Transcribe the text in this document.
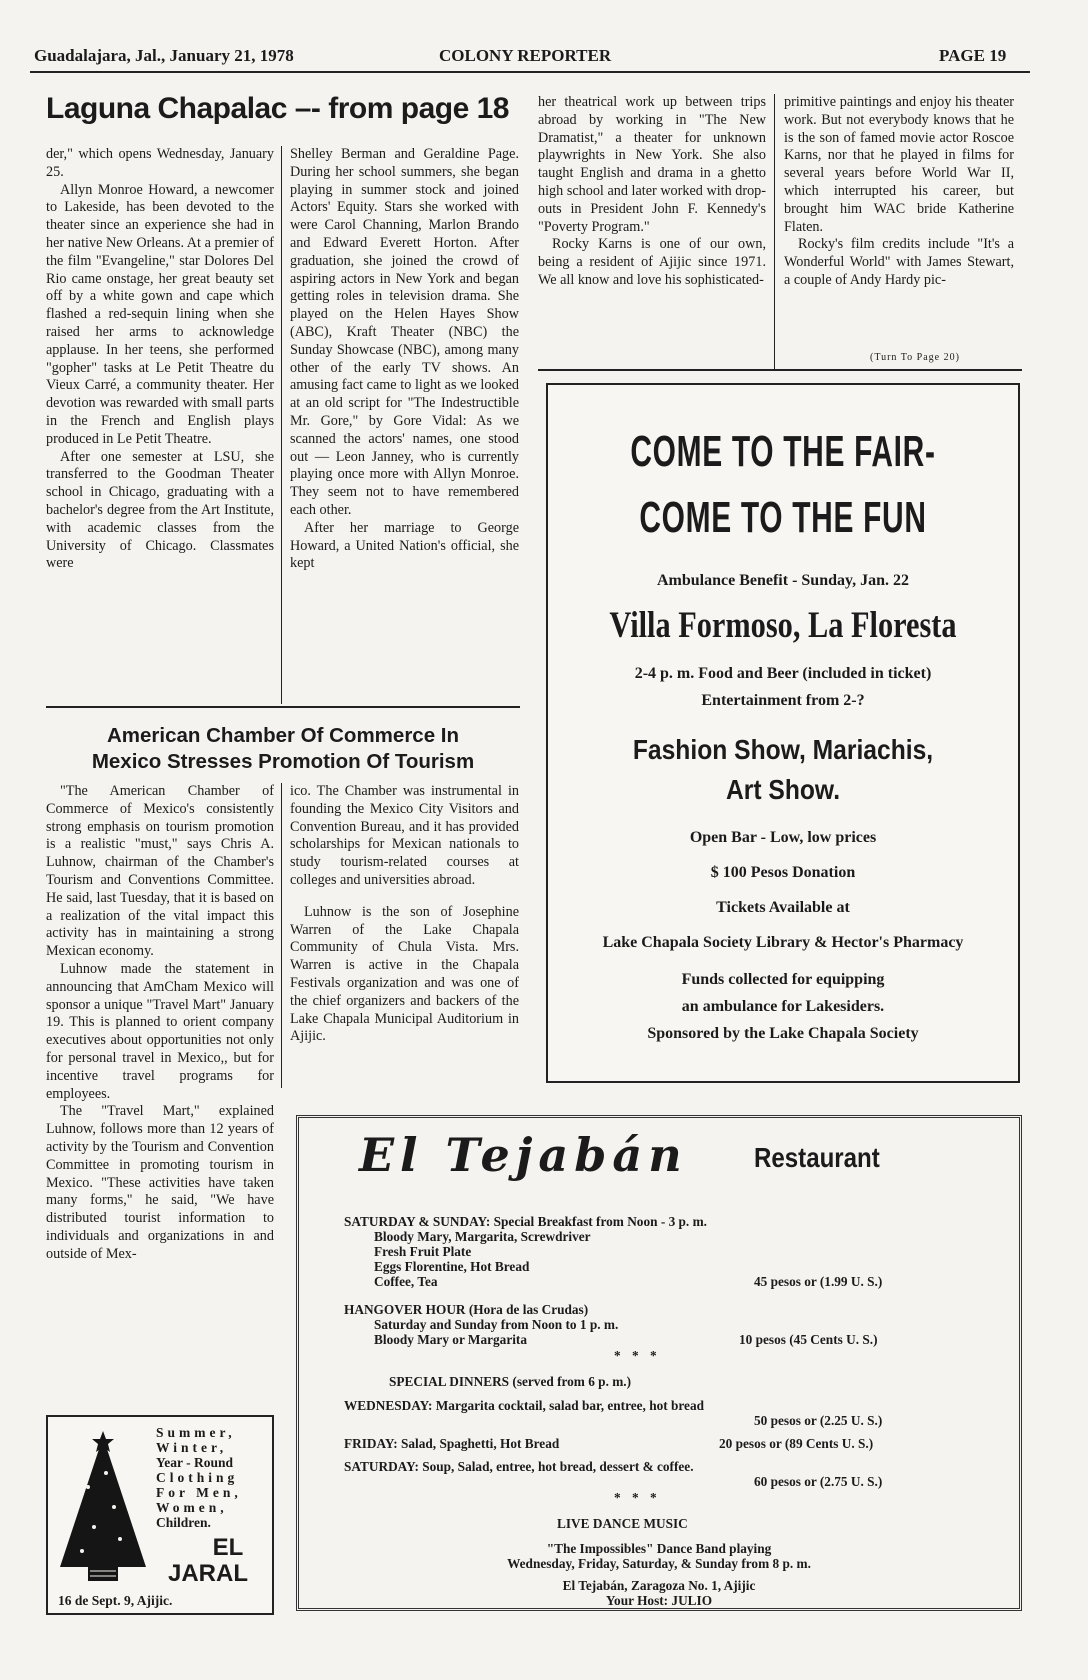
Guadalajara, Jal., January 21, 1978	COLONY REPORTER	PAGE 19
Laguna Chapalac –- from page 18

der," which opens Wednesday, January 25.

Allyn Monroe Howard, a newcomer to Lakeside, has been devoted to the theater since an experience she had in her native New Orleans. At a premier of the film "Evangeline," star Dolores Del Rio came onstage, her great beauty set off by a white gown and cape which flashed a red-sequin lining when she raised her arms to acknowledge applause. In her teens, she performed "gopher" tasks at Le Petit Theatre du Vieux Carré, a community theater. Her devotion was rewarded with small parts in the French and English plays produced in Le Petit Theatre.

After one semester at LSU, she transferred to the Goodman Theater school in Chicago, graduating with a bachelor's degree from the Art Institute, with academic classes from the University of Chicago. Classmates were

Shelley Berman and Geraldine Page. During her school summers, she began playing in summer stock and joined Actors' Equity. Stars she worked with were Carol Channing, Marlon Brando and Edward Everett Horton. After graduation, she joined the crowd of aspiring actors in New York and began getting roles in television drama. She played on the Helen Hayes Show (ABC), Kraft Theater (NBC) the Sunday Showcase (NBC), among many other of the early TV shows. An amusing fact came to light as we looked at an old script for "The Indestructible Mr. Gore," by Gore Vidal: As we scanned the actors' names, one stood out — Leon Janney, who is currently playing once more with Allyn Monroe. They seem not to have remembered each other.

After her marriage to George Howard, a United Nation's official, she kept

her theatrical work up between trips abroad by working in "The New Dramatist," a theater for unknown playwrights in New York. She also taught English and drama in a ghetto high school and later worked with drop-outs in President John F. Kennedy's "Poverty Program."

Rocky Karns is one of our own, being a resident of Ajijic since 1971. We all know and love his sophisticated-

primitive paintings and enjoy his theater work. But not everybody knows that he is the son of famed movie actor Roscoe Karns, nor that he played in films for several years before World War II, which interrupted his career, but brought him WAC bride Katherine Flaten.

Rocky's film credits include "It's a Wonderful World" with James Stewart, a couple of Andy Hardy pic-

(Turn To Page 20)
American Chamber Of Commerce In
Mexico Stresses Promotion Of Tourism

"The American Chamber of Commerce of Mexico's consistently strong emphasis on tourism promotion is a realistic "must," says Chris A. Luhnow, chairman of the Chamber's Tourism and Conventions Committee. He said, last Tuesday, that it is based on a realization of the vital impact this activity has in maintaining a strong Mexican economy.

Luhnow made the statement in announcing that AmCham Mexico will sponsor a unique "Travel Mart" January 19. This is planned to orient company executives about opportunities not only for personal travel in Mexico,, but for incentive travel programs for employees.

The "Travel Mart," explained Luhnow, follows more than 12 years of activity by the Tourism and Convention Committee in promoting tourism in Mexico. "These activities have taken many forms," he said, "We have distributed tourist information to individuals and organizations in and outside of Mex-

ico. The Chamber was instrumental in founding the Mexico City Visitors and Convention Bureau, and it has provided scholarships for Mexican nationals to study tourism-related courses at colleges and universities abroad.

Luhnow is the son of Josephine Warren of the Lake Chapala Community of Chula Vista. Mrs. Warren is active in the Chapala Festivals organization and was one of the chief organizers and backers of the Lake Chapala Municipal Auditorium in Ajijic.

COME TO THE FAIR-
COME TO THE FUN
Ambulance Benefit - Sunday, Jan. 22
Villa Formoso, La Floresta
2-4 p. m. Food and Beer (included in ticket)
Entertainment from 2-?
Fashion Show, Mariachis,
Art Show.
Open Bar - Low, low prices
$ 100 Pesos Donation
Tickets Available at
Lake Chapala Society Library & Hector's Pharmacy
Funds collected for equipping
an ambulance for Lakesiders.
Sponsored by the Lake Chapala Society
Summer,
Winter,
Year - Round
Clothing
For Men,
Women,
Children.
EL
JARAL
16 de Sept. 9, Ajijic.
El Tejabán Restaurant
SATURDAY & SUNDAY: Special Breakfast from Noon - 3 p. m.
Bloody Mary, Margarita, Screwdriver
Fresh Fruit Plate
Eggs Florentine, Hot Bread
Coffee, Tea	45 pesos or (1.99 U. S.)
HANGOVER HOUR (Hora de las Crudas)
Saturday and Sunday from Noon to 1 p. m.
Bloody Mary or Margarita	10 pesos (45 Cents U. S.)
* * *
SPECIAL DINNERS (served from 6 p. m.)
WEDNESDAY: Margarita cocktail, salad bar, entree, hot bread
50 pesos or (2.25 U. S.)
FRIDAY: Salad, Spaghetti, Hot Bread	20 pesos or (89 Cents U. S.)
SATURDAY: Soup, Salad, entree, hot bread, dessert & coffee.
60 pesos or (2.75 U. S.)
* * *
LIVE DANCE MUSIC
"The Impossibles" Dance Band playing
Wednesday, Friday, Saturday, & Sunday from 8 p. m.
El Tejabán, Zaragoza No. 1, Ajijic
Your Host: JULIO
